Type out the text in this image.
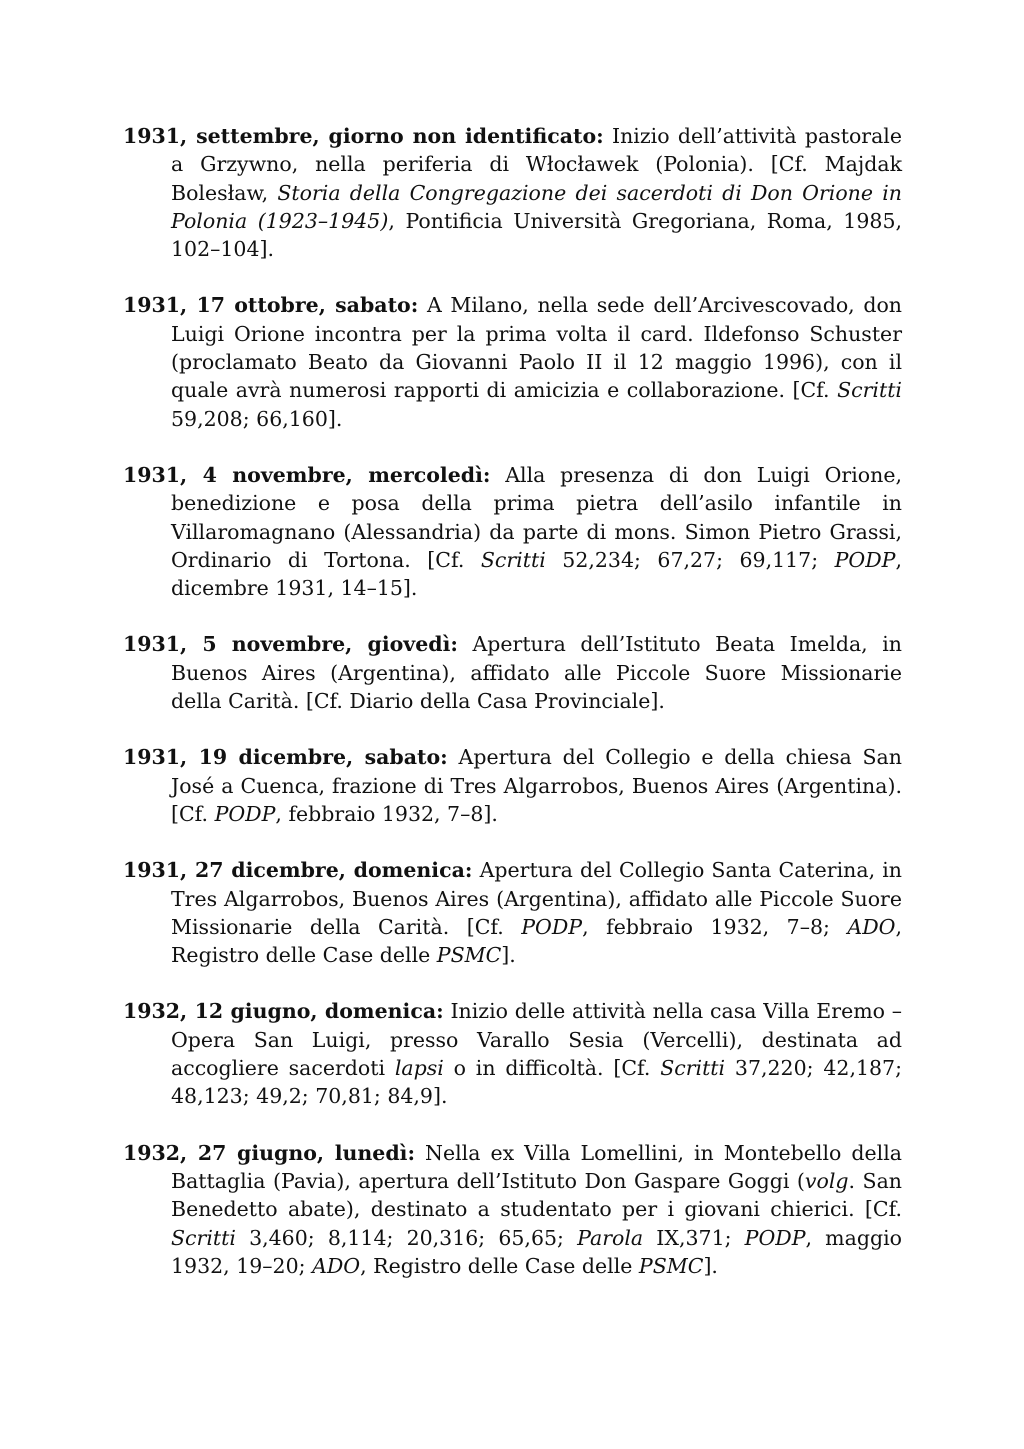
1931, settembre, giorno non identificato: Inizio dell’attività pastorale a Grzywno, nella periferia di Włocławek (Polonia). [Cf. Majdak Bolesław, Storia della Congregazione dei sacerdoti di Don Orione in Polonia (1923–1945), Pontificia Università Gregoriana, Roma, 1985, 102–104].

1931, 17 ottobre, sabato: A Milano, nella sede dell’Arcivescovado, don Luigi Orione incontra per la prima volta il card. Ildefonso Schuster (proclamato Beato da Giovanni Paolo II il 12 maggio 1996), con il quale avrà numerosi rapporti di amicizia e collaborazione. [Cf. Scritti 59,208; 66,160].

1931, 4 novembre, mercoledì: Alla presenza di don Luigi Orione, benedizione e posa della prima pietra dell’asilo infantile in Villaromagnano (Alessandria) da parte di mons. Simon Pietro Grassi, Ordinario di Tortona. [Cf. Scritti 52,234; 67,27; 69,117; PODP, dicembre 1931, 14–15].

1931, 5 novembre, giovedì: Apertura dell’Istituto Beata Imelda, in Buenos Aires (Argentina), affidato alle Piccole Suore Missionarie della Carità. [Cf. Diario della Casa Provinciale].

1931, 19 dicembre, sabato: Apertura del Collegio e della chiesa San José a Cuenca, frazione di Tres Algarrobos, Buenos Aires (Argentina). [Cf. PODP, febbraio 1932, 7–8].

1931, 27 dicembre, domenica: Apertura del Collegio Santa Caterina, in Tres Algarrobos, Buenos Aires (Argentina), affidato alle Piccole Suore Missionarie della Carità. [Cf. PODP, febbraio 1932, 7–8; ADO, Registro delle Case delle PSMC].

1932, 12 giugno, domenica: Inizio delle attività nella casa Villa Eremo – Opera San Luigi, presso Varallo Sesia (Vercelli), destinata ad accogliere sacerdoti lapsi o in difficoltà. [Cf. Scritti 37,220; 42,187; 48,123; 49,2; 70,81; 84,9].

1932, 27 giugno, lunedì: Nella ex Villa Lomellini, in Montebello della Battaglia (Pavia), apertura dell’Istituto Don Gaspare Goggi (volg. San Benedetto abate), destinato a studentato per i giovani chierici. [Cf. Scritti 3,460; 8,114; 20,316; 65,65; Parola IX,371; PODP, maggio 1932, 19–20; ADO, Registro delle Case delle PSMC].
